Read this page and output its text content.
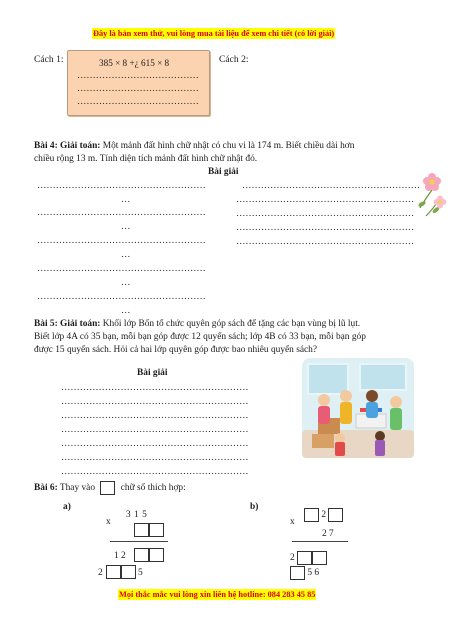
Đây là bản xem thử, vui lòng mua tài liệu để xem chi tiết (có lời giải)
Cách 1:	385 × 8 +¿ 615 × 8
…………………………………
…………………………………
…………………………………
Cách 2:
Bài 4: Giải toán: Một mảnh đất hình chữ nhật có chu vi là 174 m. Biết chiều dài hơn
chiều rộng 13 m. Tính diện tích mảnh đất hình chữ nhật đó.
Bài giải
………………………………………………
…
………………………………………………
…
………………………………………………
…
………………………………………………
…
………………………………………………
…
…………………………………………………
…………………………………………………
…………………………………………………
…………………………………………………
…………………………………………………
Bài 5: Giải toán: Khối lớp Bốn tổ chức quyên góp sách để tặng các bạn vùng bị lũ lụt.
Biết lớp 4A có 35 bạn, mỗi bạn góp được 12 quyển sách; lớp 4B có 33 bạn, mỗi bạn góp
được 15 quyển sách. Hỏi cả hai lớp quyên góp được bao nhiêu quyển sách?
Bài giải
……………………………………………………
……………………………………………………
……………………………………………………
……………………………………………………
……………………………………………………
……………………………………………………
……………………………………………………
Bài 6: Thay vào	chữ số thích hợp:
a)
x
3 1 5
1 2
2	5
b)
x
2
2 7
2
5 6
Mọi thắc mắc vui lòng xin liên hệ hotline: 084 283 45 85
